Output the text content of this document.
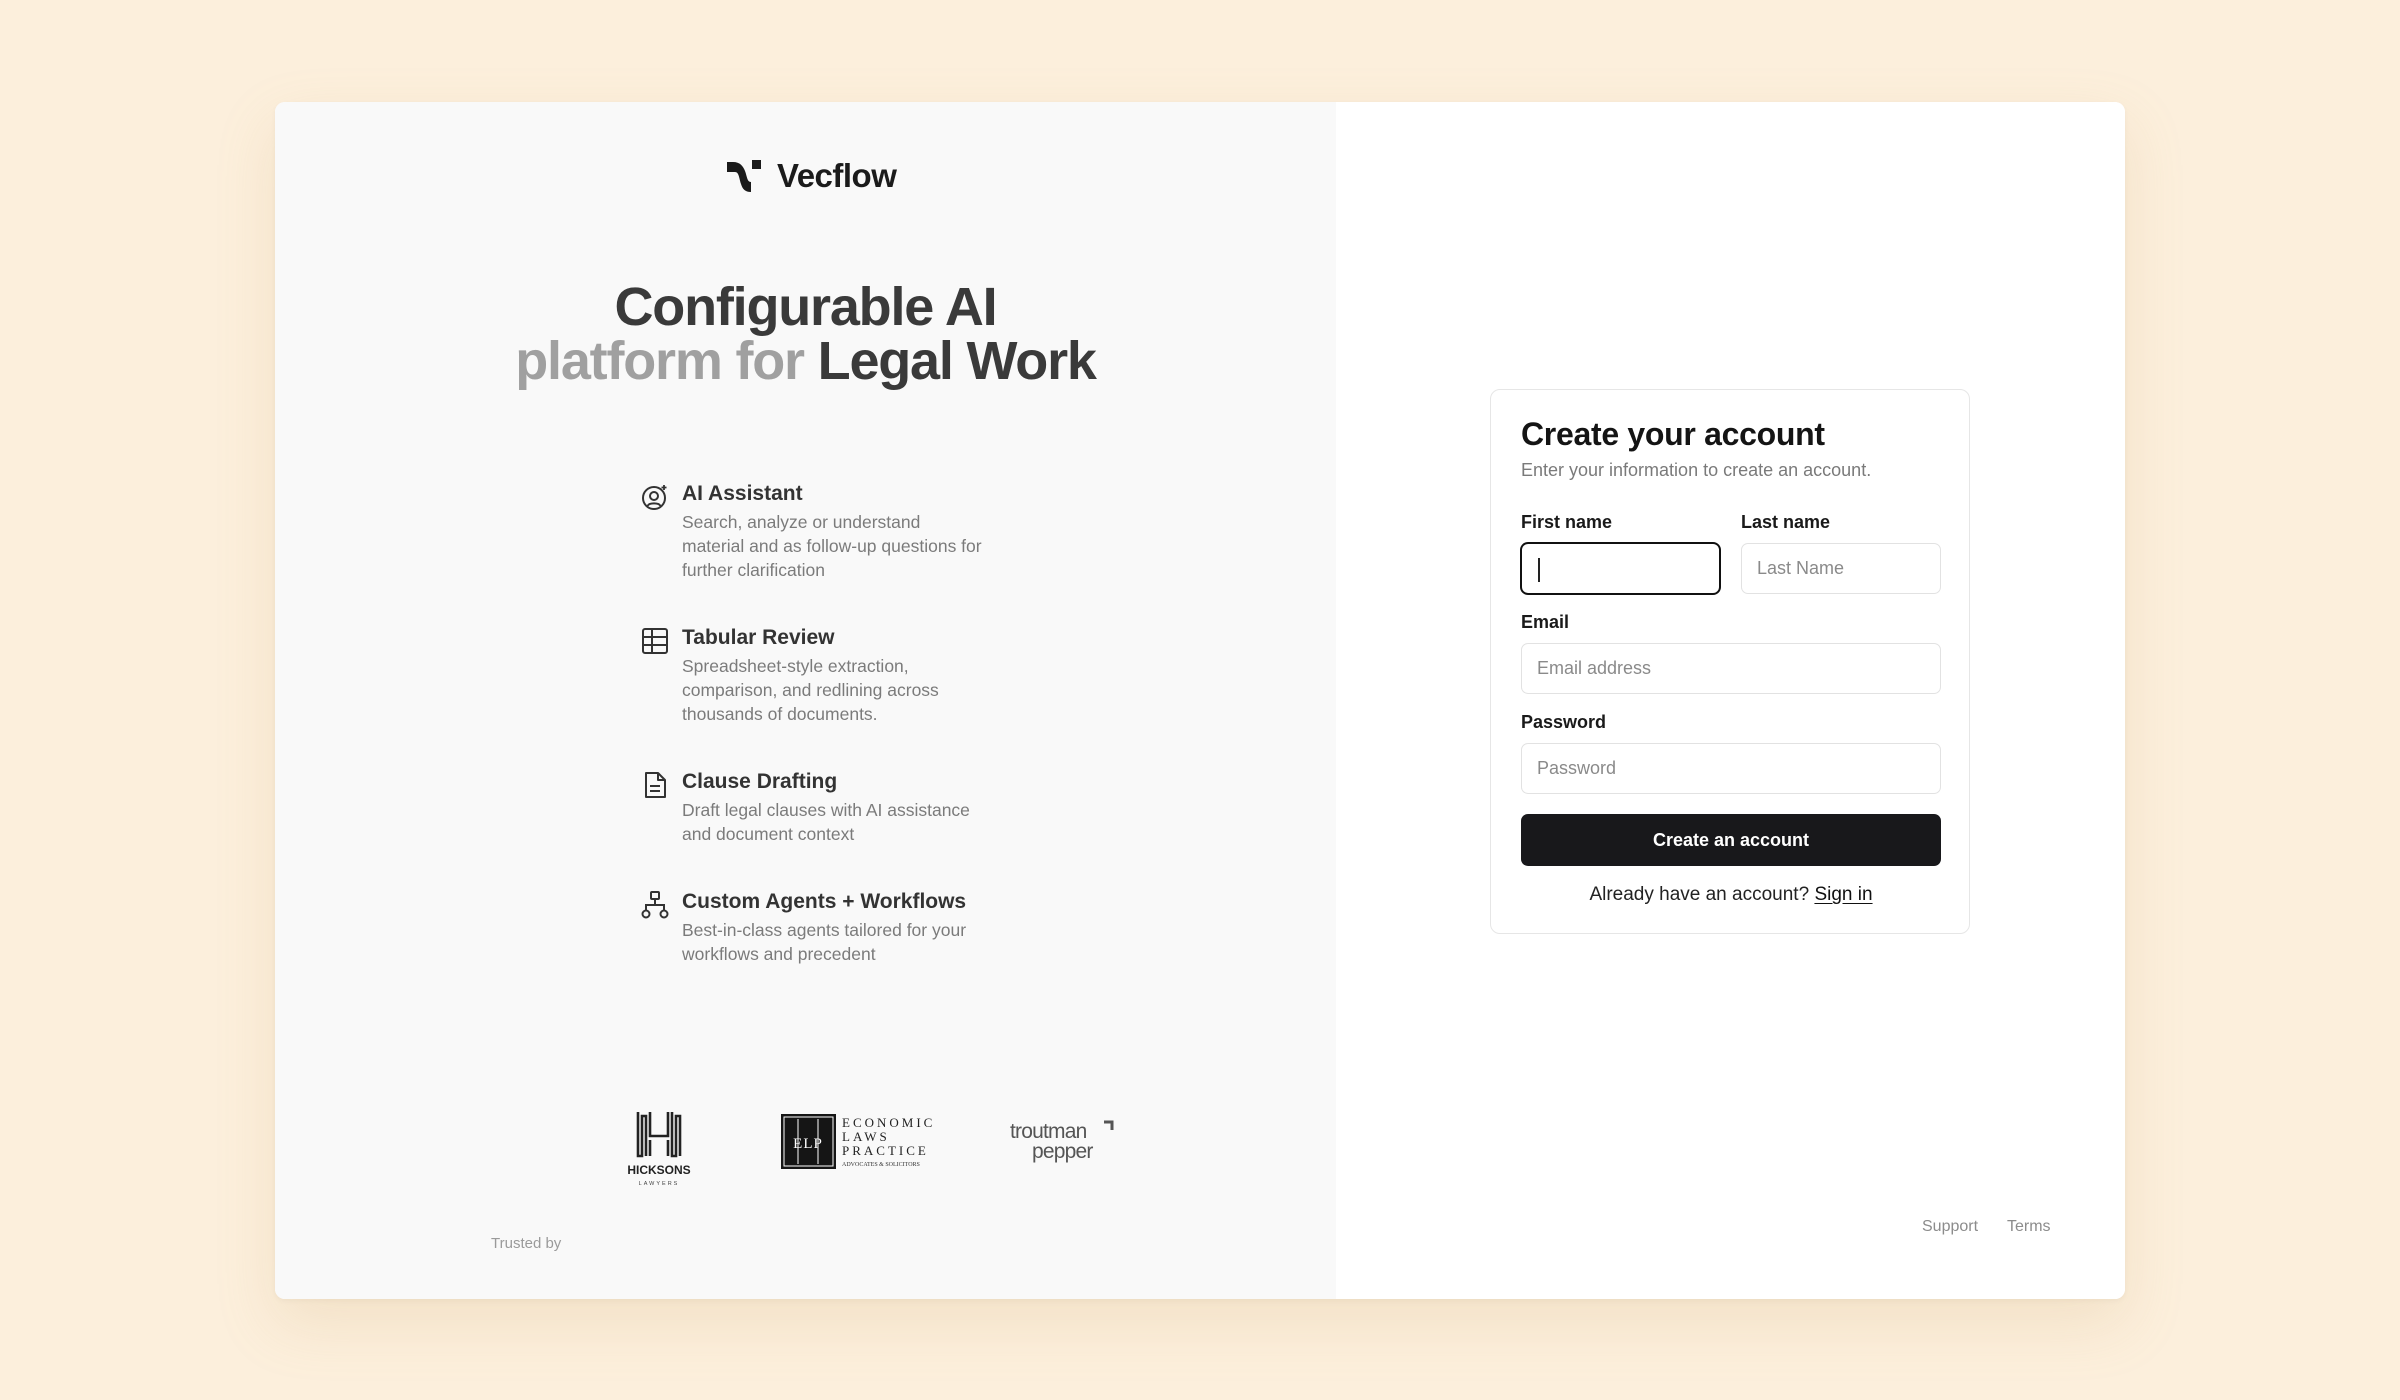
Vecflow
Configurable AI
platform for Legal Work
AI Assistant
Search, analyze or understand material and as follow-up questions for further clarification
Tabular Review
Spreadsheet-style extraction, comparison, and redlining across thousands of documents.
Clause Drafting
Draft legal clauses with AI assistance and document context
Custom Agents + Workflows
Best-in-class agents tailored for your workflows and precedent
Trusted by
HICKSONS
LAWYERS
ELP
ECONOMIC
LAWS
PRACTICE
ADVOCATES & SOLICITORS
troutman
pepper
Create your account
Enter your information to create an account.
First name	Last name
Last Name
Email
Email address
Password
Create an account
Already have an account? Sign in
Support Terms
